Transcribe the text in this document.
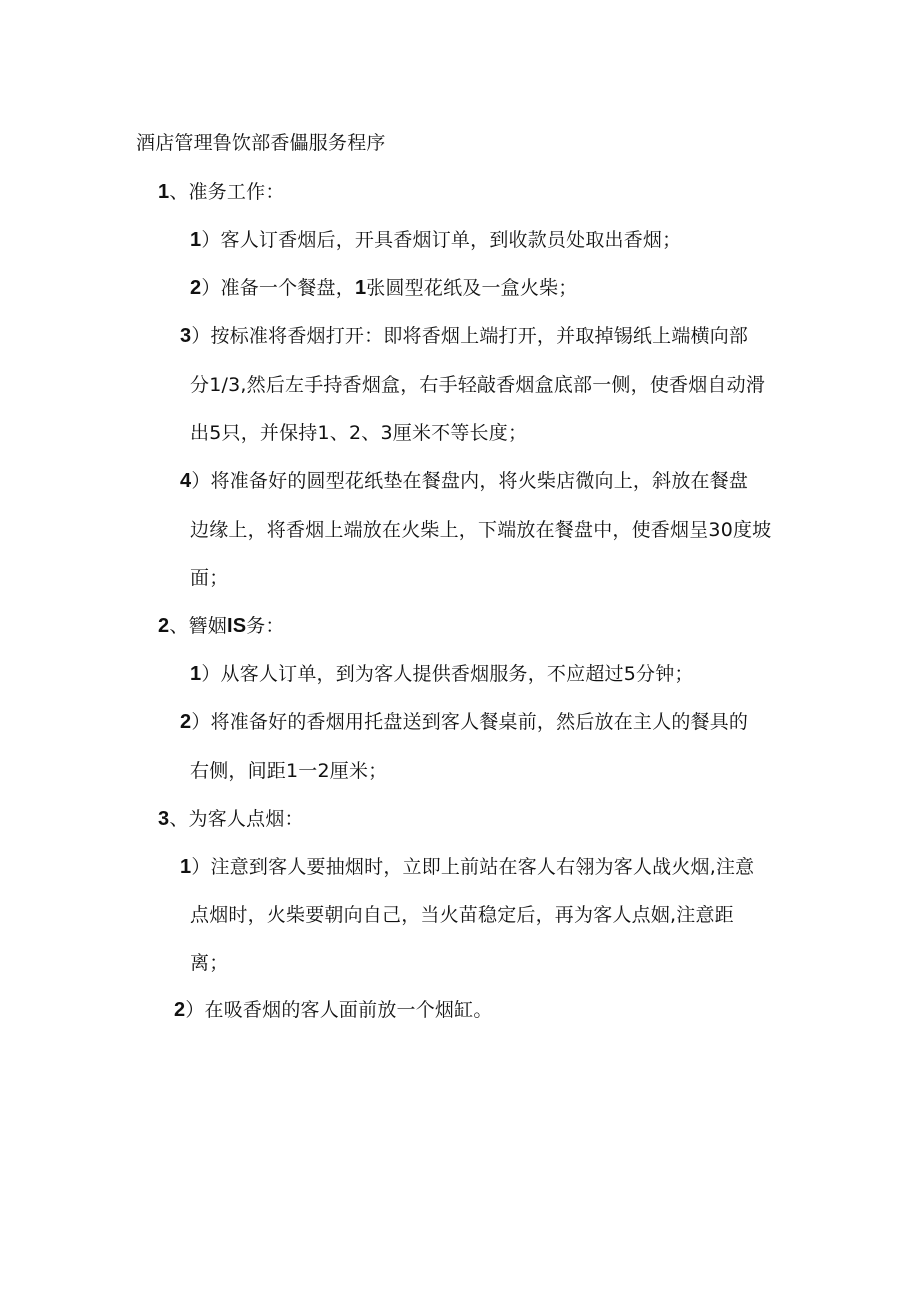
酒店管理鲁饮部香儡服务程序
1、准务工作：
1）客人订香烟后，开具香烟订单，到收款员处取出香烟；
2）准备一个餐盘，1张圆型花纸及一盒火柴；
3）按标准将香烟打开：即将香烟上端打开，并取掉锡纸上端横向部
分1/3,然后左手持香烟盒，右手轻敲香烟盒底部一侧，使香烟自动滑
出5只，并保持1、2、3厘米不等长度；
4）将准备好的圆型花纸垫在餐盘内，将火柴店微向上，斜放在餐盘
边缘上，将香烟上端放在火柴上，下端放在餐盘中，使香烟呈30度坡
面；
2、簪姻IS务：
1）从客人订单，到为客人提供香烟服务，不应超过5分钟；
2）将准备好的香烟用托盘送到客人餐桌前，然后放在主人的餐具的
右侧，间距1一2厘米；
3、为客人点烟：
1）注意到客人要抽烟时，立即上前站在客人右翎为客人战火烟,注意
点烟时，火柴要朝向自己，当火苗稳定后，再为客人点姻,注意距
离；
2）在吸香烟的客人面前放一个烟缸。
